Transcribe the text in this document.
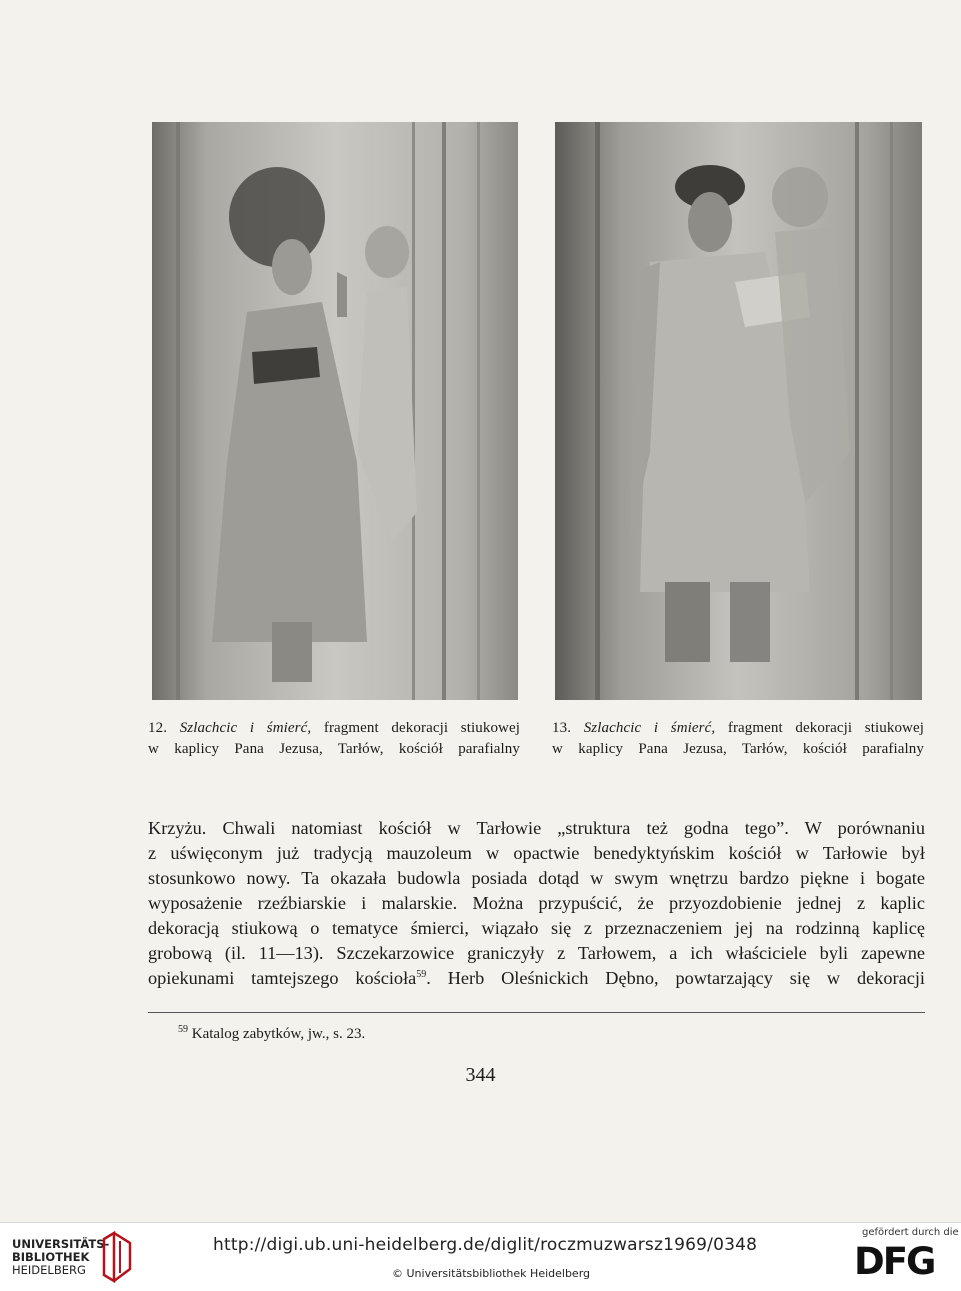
12. Szlachcic i śmierć, fragment dekoracji stiukowej
w kaplicy Pana Jezusa, Tarłów, kościół parafialny
13. Szlachcic i śmierć, fragment dekoracji stiukowej
w kaplicy Pana Jezusa, Tarłów, kościół parafialny
Krzyżu. Chwali natomiast kościół w Tarłowie „struktura też godna tego”. W porównaniu
z uświęconym już tradycją mauzoleum w opactwie benedyktyńskim kościół w Tarłowie był
stosunkowo nowy. Ta okazała budowla posiada dotąd w swym wnętrzu bardzo piękne i bogate
wyposażenie rzeźbiarskie i malarskie. Można przypuścić, że przyozdobienie jednej z kaplic
dekoracją stiukową o tematyce śmierci, wiązało się z przeznaczeniem jej na rodzinną kaplicę
grobową (il. 11—13). Szczekarzowice graniczyły z Tarłowem, a ich właściciele byli zapewne
opiekunami tamtejszego kościoła$^{59}$. Herb Oleśnickich Dębno, powtarzający się w dekoracji
$^{59}$ Katalog zabytków, jw., s. 23.
344
UNIVERSITÄTS-
BIBLIOTHEK
HEIDELBERG
http://digi.ub.uni-heidelberg.de/diglit/roczmuzwarsz1969/0348
© Universitätsbibliothek Heidelberg
gefördert durch die
DFG
